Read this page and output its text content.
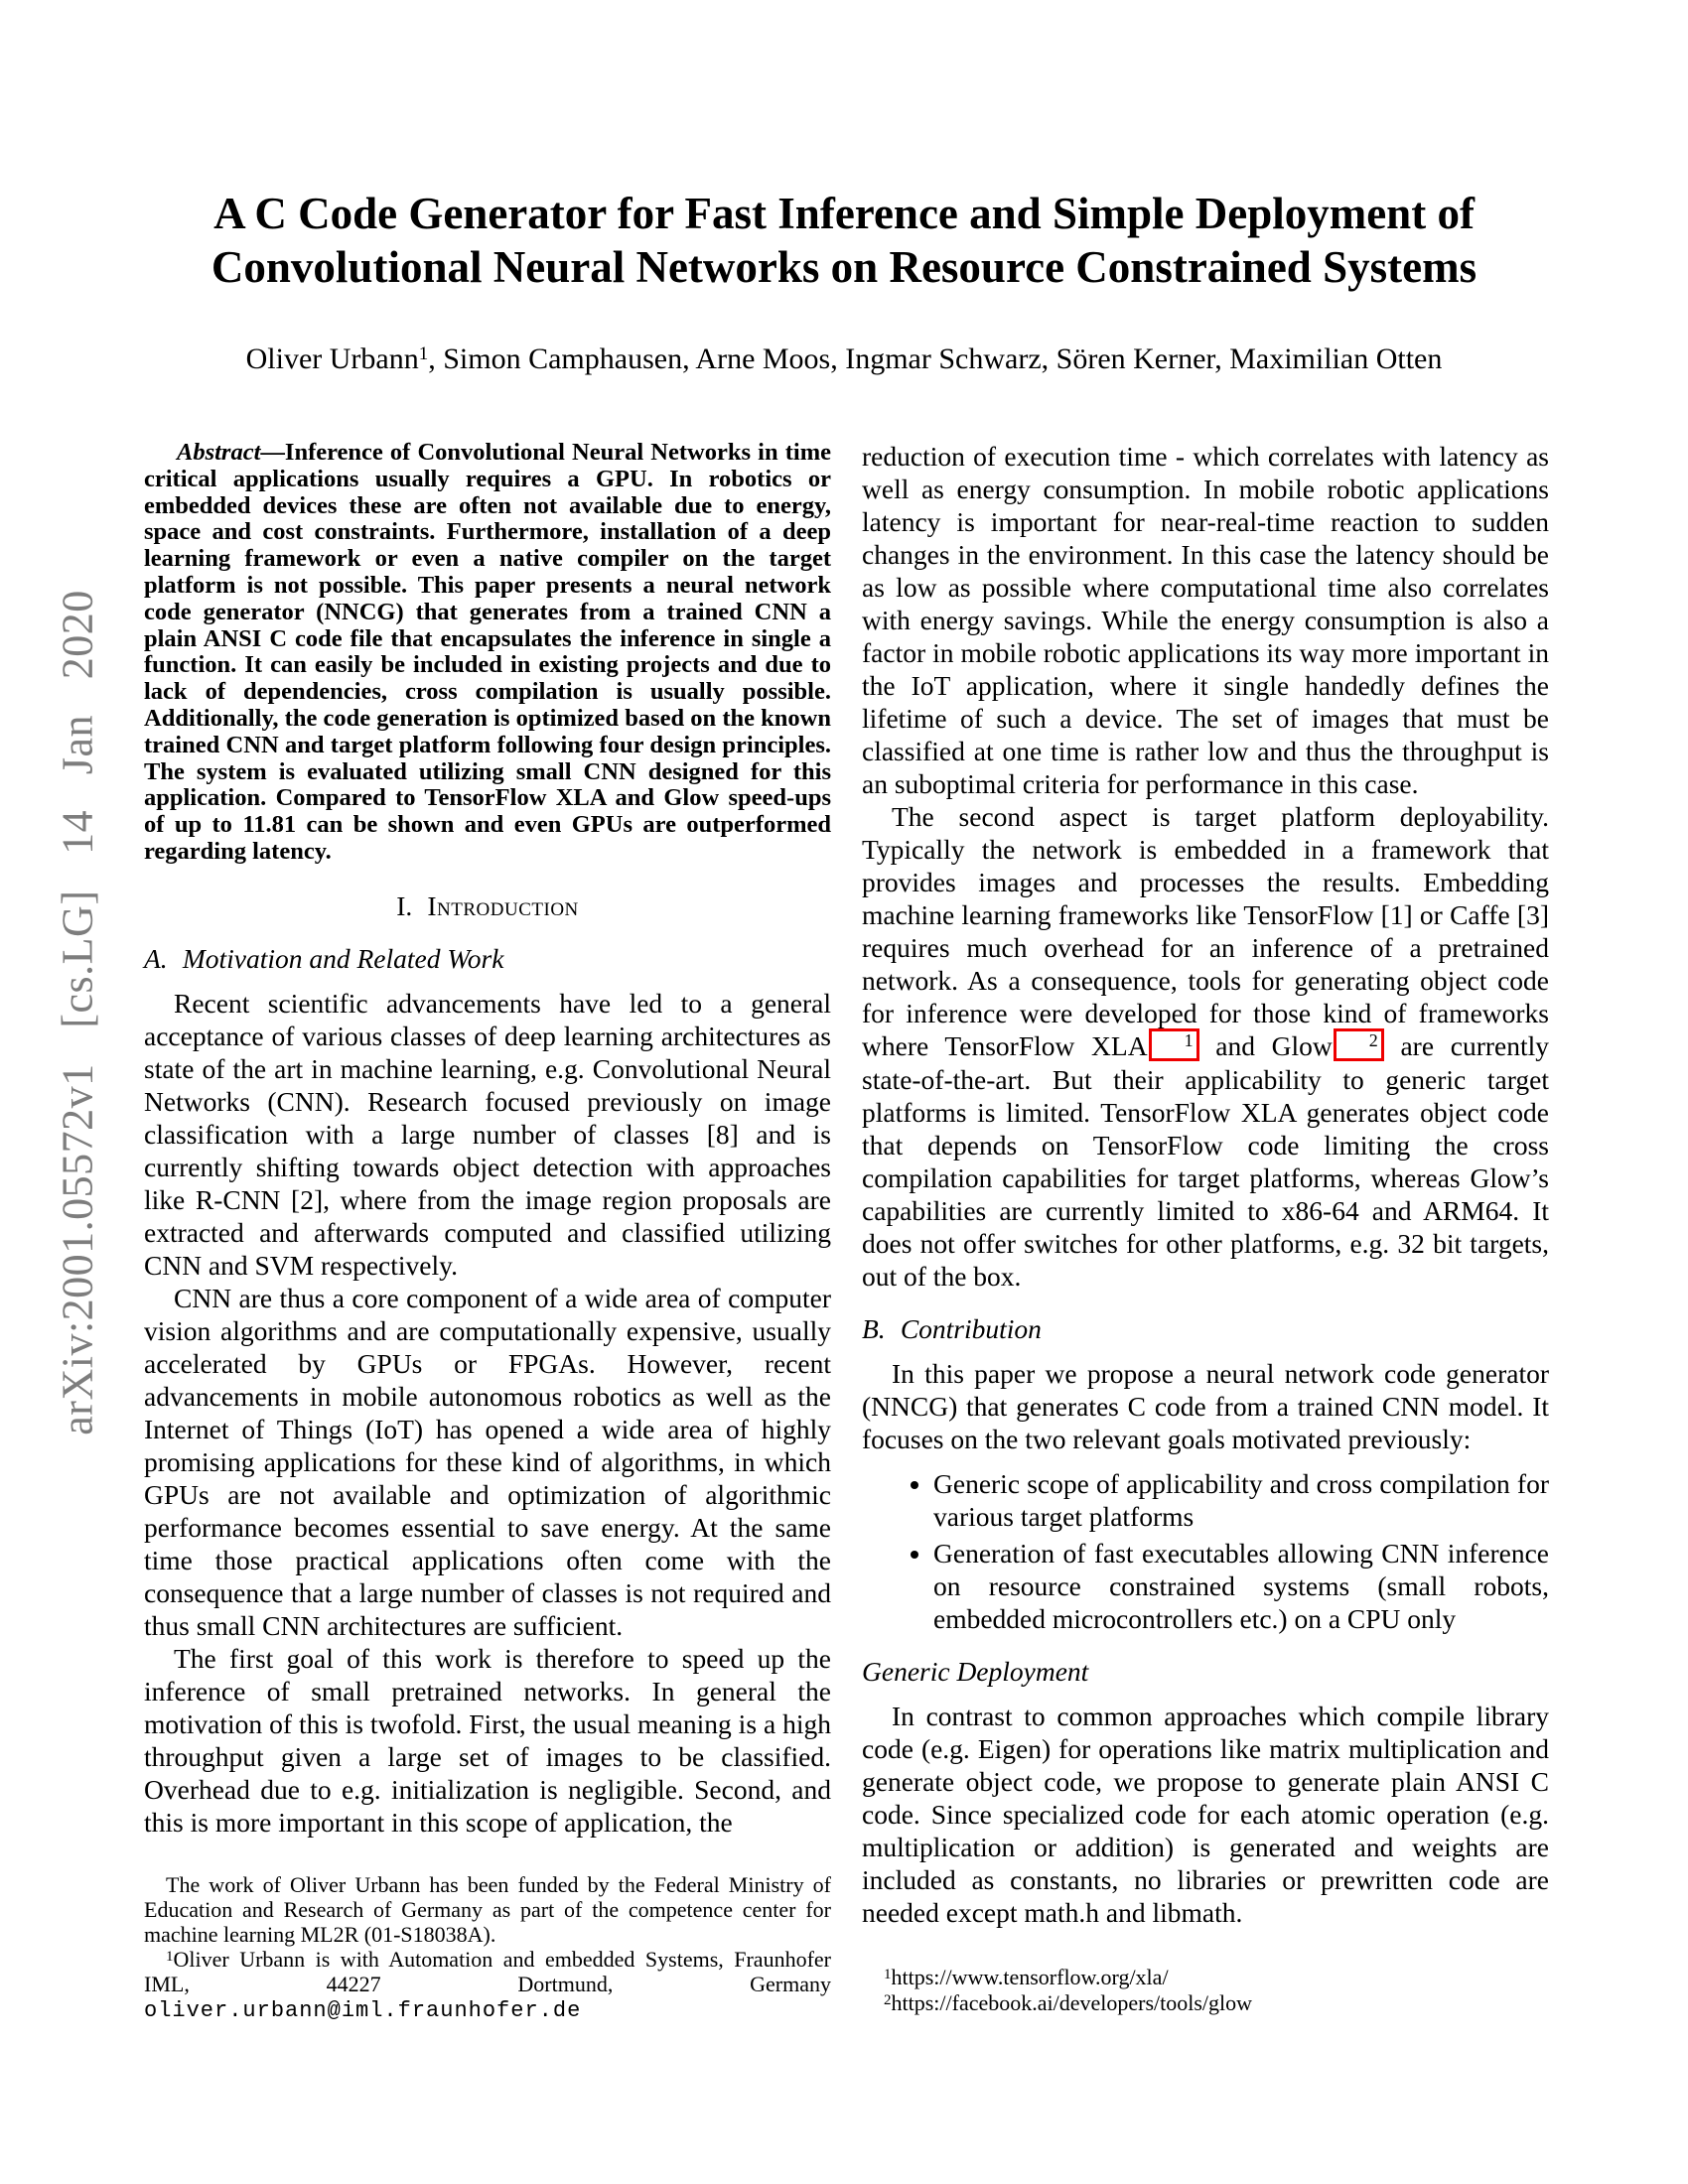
arXiv:2001.05572v1 [cs.LG] 14 Jan 2020
A C Code Generator for Fast Inference and Simple Deployment of Convolutional Neural Networks on Resource Constrained Systems
Oliver Urbann$^1$, Simon Camphausen, Arne Moos, Ingmar Schwarz, Sören Kerner, Maximilian Otten

Abstract—Inference of Convolutional Neural Networks in time critical applications usually requires a GPU. In robotics or embedded devices these are often not available due to energy, space and cost constraints. Furthermore, installation of a deep learning framework or even a native compiler on the target platform is not possible. This paper presents a neural network code generator (NNCG) that generates from a trained CNN a plain ANSI C code file that encapsulates the inference in single a function. It can easily be included in existing projects and due to lack of dependencies, cross compilation is usually possible. Additionally, the code generation is optimized based on the known trained CNN and target platform following four design principles. The system is evaluated utilizing small CNN designed for this application. Compared to TensorFlow XLA and Glow speed-ups of up to 11.81 can be shown and even GPUs are outperformed regarding latency.

I. Introduction
A. Motivation and Related Work

Recent scientific advancements have led to a general acceptance of various classes of deep learning architectures as state of the art in machine learning, e.g. Convolutional Neural Networks (CNN). Research focused previously on image classification with a large number of classes [8] and is currently shifting towards object detection with approaches like R-CNN [2], where from the image region proposals are extracted and afterwards computed and classified utilizing CNN and SVM respectively.

CNN are thus a core component of a wide area of computer vision algorithms and are computationally expensive, usually accelerated by GPUs or FPGAs. However, recent advancements in mobile autonomous robotics as well as the Internet of Things (IoT) has opened a wide area of highly promising applications for these kind of algorithms, in which GPUs are not available and optimization of algorithmic performance becomes essential to save energy. At the same time those practical applications often come with the consequence that a large number of classes is not required and thus small CNN architectures are sufficient.

The first goal of this work is therefore to speed up the inference of small pretrained networks. In general the motivation of this is twofold. First, the usual meaning is a high throughput given a large set of images to be classified. Overhead due to e.g. initialization is negligible. Second, and this is more important in this scope of application, the

The work of Oliver Urbann has been funded by the Federal Ministry of Education and Research of Germany as part of the competence center for machine learning ML2R (01-S18038A).

$^1$Oliver Urbann is with Automation and embedded Systems, Fraunhofer IML, 44227 Dortmund, Germany oliver.urbann@iml.fraunhofer.de

reduction of execution time - which correlates with latency as well as energy consumption. In mobile robotic applications latency is important for near-real-time reaction to sudden changes in the environment. In this case the latency should be as low as possible where computational time also correlates with energy savings. While the energy consumption is also a factor in mobile robotic applications its way more important in the IoT application, where it single handedly defines the lifetime of such a device. The set of images that must be classified at one time is rather low and thus the throughput is an suboptimal criteria for performance in this case.

The second aspect is target platform deployability. Typically the network is embedded in a framework that provides images and processes the results. Embedding machine learning frameworks like TensorFlow [1] or Caffe [3] requires much overhead for an inference of a pretrained network. As a consequence, tools for generating object code for inference were developed for those kind of frameworks where TensorFlow XLA $^1$ and Glow $^2$ are currently state-of-the-art. But their applicability to generic target platforms is limited. TensorFlow XLA generates object code that depends on TensorFlow code limiting the cross compilation capabilities for target platforms, whereas Glow’s capabilities are currently limited to x86-64 and ARM64. It does not offer switches for other platforms, e.g. 32 bit targets, out of the box.

B. Contribution

In this paper we propose a neural network code generator (NNCG) that generates C code from a trained CNN model. It focuses on the two relevant goals motivated previously:

• Generic scope of applicability and cross compilation for various target platforms
• Generation of fast executables allowing CNN inference on resource constrained systems (small robots, embedded microcontrollers etc.) on a CPU only
Generic Deployment

In contrast to common approaches which compile library code (e.g. Eigen) for operations like matrix multiplication and generate object code, we propose to generate plain ANSI C code. Since specialized code for each atomic operation (e.g. multiplication or addition) is generated and weights are included as constants, no libraries or prewritten code are needed except math.h and libmath.

$^1$https://www.tensorflow.org/xla/

$^2$https://facebook.ai/developers/tools/glow
